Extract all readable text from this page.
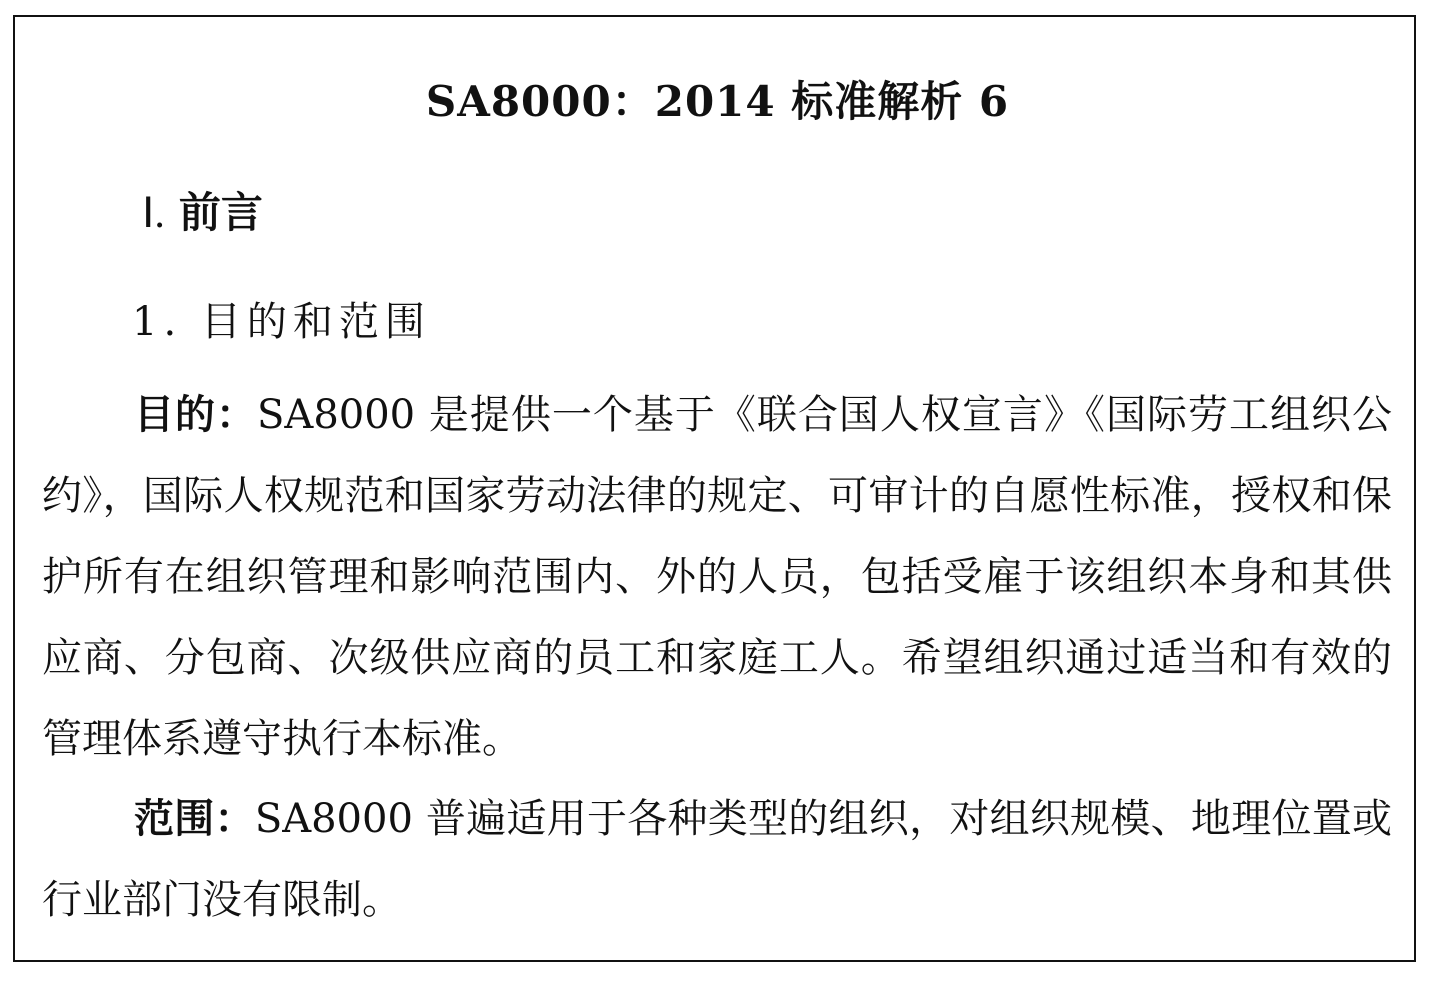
SA8000：2014 标准解析 6
Ⅰ. 前言
1. 目的和范围

目的：SA8000 是提供一个基于《联合国人权宣言》《国际劳工组织公约》，国际人权规范和国家劳动法律的规定、可审计的自愿性标准，授权和保护所有在组织管理和影响范围内、外的人员，包括受雇于该组织本身和其供应商、分包商、次级供应商的员工和家庭工人。希望组织通过适当和有效的管理体系遵守执行本标准。

范围：SA8000 普遍适用于各种类型的组织，对组织规模、地理位置或行业部门没有限制。
